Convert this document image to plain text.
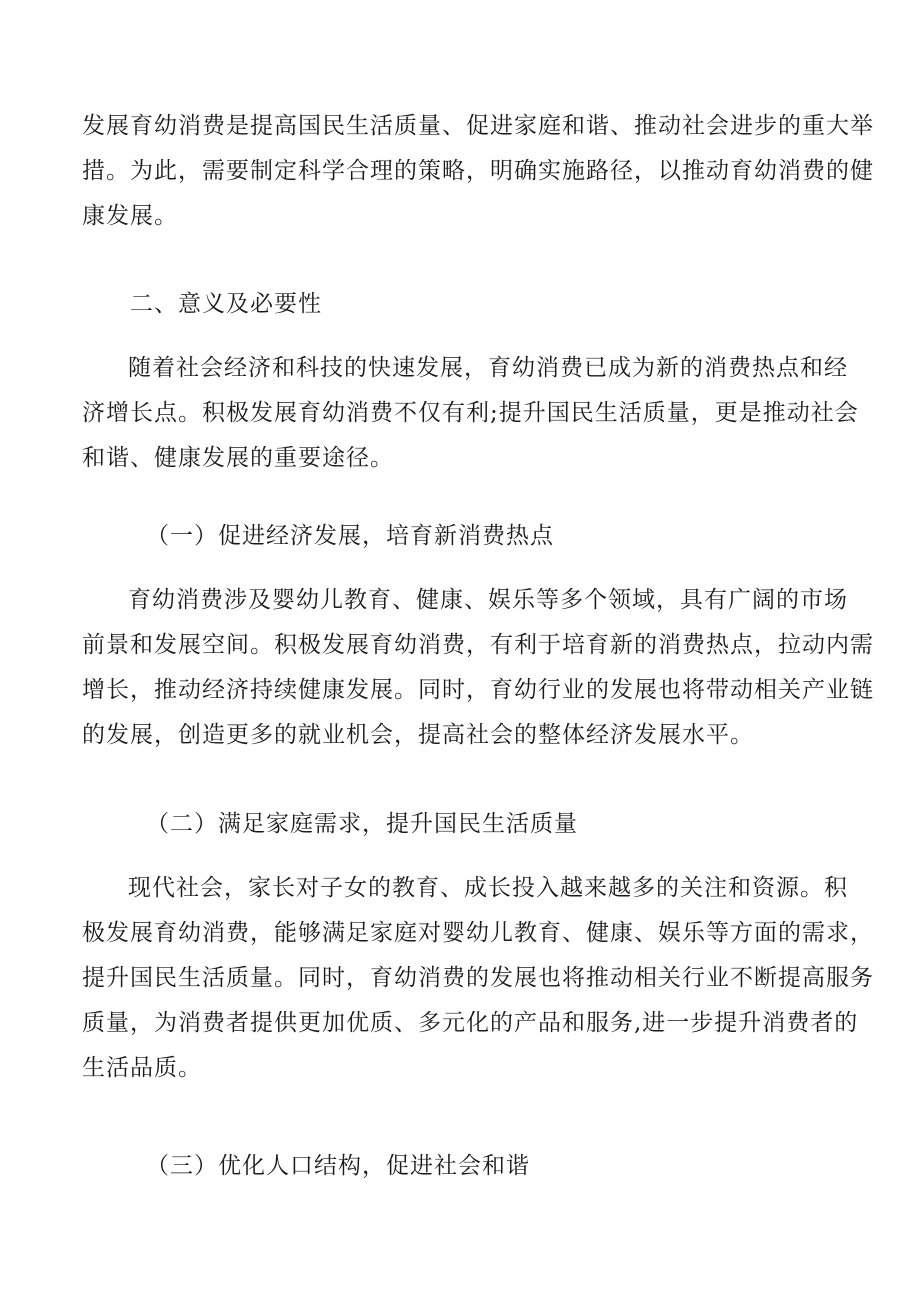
发展育幼消费是提高国民生活质量、促进家庭和谐、推动社会进步的重大举
措。为此，需要制定科学合理的策略，明确实施路径，以推动育幼消费的健
康发展。

二、意义及必要性

随着社会经济和科技的快速发展，育幼消费已成为新的消费热点和经
济增长点。积极发展育幼消费不仅有利;提升国民生活质量，更是推动社会
和谐、健康发展的重要途径。

（一）促进经济发展，培育新消费热点

育幼消费涉及婴幼儿教育、健康、娱乐等多个领域，具有广阔的市场
前景和发展空间。积极发展育幼消费，有利于培育新的消费热点，拉动内需
增长，推动经济持续健康发展。同时，育幼行业的发展也将带动相关产业链
的发展，创造更多的就业机会，提高社会的整体经济发展水平。

（二）满足家庭需求，提升国民生活质量

现代社会，家长对子女的教育、成长投入越来越多的关注和资源。积
极发展育幼消费，能够满足家庭对婴幼儿教育、健康、娱乐等方面的需求，
提升国民生活质量。同时，育幼消费的发展也将推动相关行业不断提高服务
质量，为消费者提供更加优质、多元化的产品和服务,进一步提升消费者的
生活品质。

（三）优化人口结构，促进社会和谐
